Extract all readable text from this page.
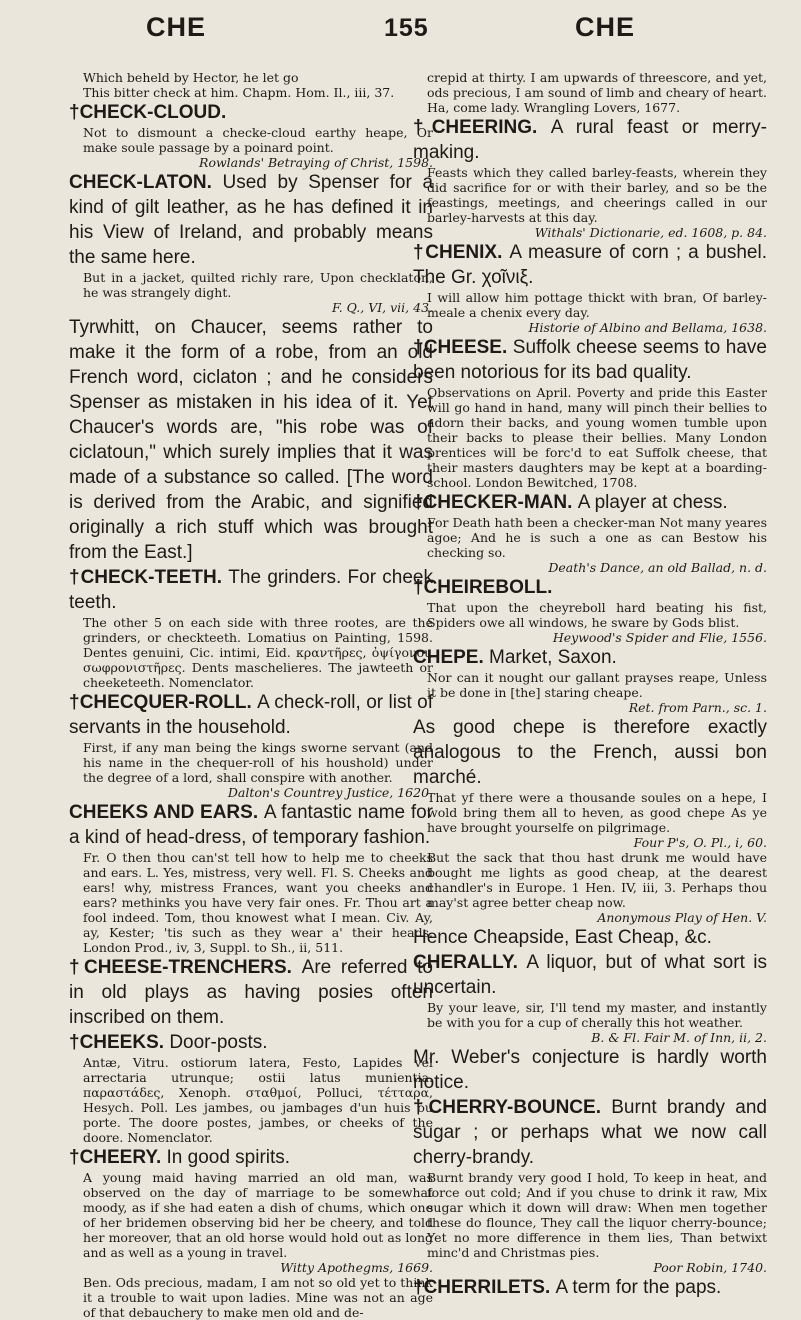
CHE	155	CHE

Which beheld by Hector, he let go

This bitter check at him. Chapm. Hom. Il., iii, 37.

†CHECK-CLOUD.

Not to dismount a checke-cloud earthy heape, Or make soule passage by a poinard point.

Rowlands' Betraying of Christ, 1598.

CHECK-LATON. Used by Spenser for a kind of gilt leather, as he has defined it in his View of Ireland, and probably means the same here.

But in a jacket, quilted richly rare, Upon checklaton, he was strangely dight.

F. Q., VI, vii, 43.

Tyrwhitt, on Chaucer, seems rather to make it the form of a robe, from an old French word, ciclaton ; and he considers Spenser as mistaken in his idea of it. Yet Chaucer's words are, "his robe was of ciclatoun," which surely implies that it was made of a substance so called. [The word is derived from the Arabic, and signified originally a rich stuff which was brought from the East.]

†CHECK-TEETH. The grinders. For cheek teeth.

The other 5 on each side with three rootes, are the grinders, or checkteeth. Lomatius on Painting, 1598. Dentes genuini, Cic. intimi, Eid. κραντῆρες, ὀψίγονοι, σωφρονιστῆρες. Dents maschelieres. The jawteeth or cheeketeeth. Nomenclator.

†CHECQUER-ROLL. A check-roll, or list of servants in the household.

First, if any man being the kings sworne servant (and his name in the chequer-roll of his houshold) under the degree of a lord, shall conspire with another.

Dalton's Countrey Justice, 1620.

CHEEKS AND EARS. A fantastic name for a kind of head-dress, of temporary fashion.

Fr. O then thou can'st tell how to help me to cheeks and ears. L. Yes, mistress, very well. Fl. S. Cheeks and ears! why, mistress Frances, want you cheeks and ears? methinks you have very fair ones. Fr. Thou art a fool indeed. Tom, thou knowest what I mean. Civ. Ay, ay, Kester; 'tis such as they wear a' their heads. London Prod., iv, 3, Suppl. to Sh., ii, 511.

†CHEESE-TRENCHERS. Are referred to in old plays as having posies often inscribed on them.

†CHEEKS. Door-posts.

Antæ, Vitru. ostiorum latera, Festo, Lapides vel arrectaria utrunque; ostii latus munientia. παραστάδες, Xenoph. σταθμοί, Polluci, τέτταρα, Hesych. Poll. Les jambes, ou jambages d'un huis ou porte. The doore postes, jambes, or cheeks of the doore. Nomenclator.

†CHEERY. In good spirits.

A young maid having married an old man, was observed on the day of marriage to be somewhat moody, as if she had eaten a dish of chums, which one of her bridemen observing bid her be cheery, and told her moreover, that an old horse would hold out as long and as well as a young in travel.

Witty Apothegms, 1669.

Ben. Ods precious, madam, I am not so old yet to think it a trouble to wait upon ladies. Mine was not an age of that debauchery to make men old and de-

crepid at thirty. I am upwards of threescore, and yet, ods precious, I am sound of limb and cheary of heart. Ha, come lady. Wrangling Lovers, 1677.

†CHEERING. A rural feast or merry-making.

Feasts which they called barley-feasts, wherein they did sacrifice for or with their barley, and so be the feastings, meetings, and cheerings called in our barley-harvests at this day.

Withals' Dictionarie, ed. 1608, p. 84.

†CHENIX. A measure of corn ; a bushel. The Gr. χοῖνιξ.

I will allow him pottage thickt with bran, Of barley-meale a chenix every day.

Historie of Albino and Bellama, 1638.

†CHEESE. Suffolk cheese seems to have been notorious for its bad quality.

Observations on April. Poverty and pride this Easter will go hand in hand, many will pinch their bellies to adorn their backs, and young women tumble upon their backs to please their bellies. Many London prentices will be forc'd to eat Suffolk cheese, that their masters daughters may be kept at a boarding-school. London Bewitched, 1708.

†CHECKER-MAN. A player at chess.

For Death hath been a checker-man Not many yeares agoe; And he is such a one as can Bestow his checking so.

Death's Dance, an old Ballad, n. d.

†CHEIREBOLL.

That upon the cheyreboll hard beating his fist, Spiders owe all windows, he sware by Gods blist.

Heywood's Spider and Flie, 1556.

CHEPE. Market, Saxon.

Nor can it nought our gallant prayses reape, Unless it be done in [the] staring cheape.

Ret. from Parn., sc. 1.

As good chepe is therefore exactly analogous to the French, aussi bon marché.

That yf there were a thousande soules on a hepe, I wold bring them all to heven, as good chepe As ye have brought yourselfe on pilgrimage.

Four P's, O. Pl., i, 60.

But the sack that thou hast drunk me would have bought me lights as good cheap, at the dearest chandler's in Europe. 1 Hen. IV, iii, 3. Perhaps thou may'st agree better cheap now.

Anonymous Play of Hen. V.

Hence Cheapside, East Cheap, &c.

CHERALLY. A liquor, but of what sort is uncertain.

By your leave, sir, I'll tend my master, and instantly be with you for a cup of cherally this hot weather.

B. & Fl. Fair M. of Inn, ii, 2.

Mr. Weber's conjecture is hardly worth notice.

†CHERRY-BOUNCE. Burnt brandy and sugar ; or perhaps what we now call cherry-brandy.

Burnt brandy very good I hold, To keep in heat, and force out cold; And if you chuse to drink it raw, Mix sugar which it down will draw: When men together these do flounce, They call the liquor cherry-bounce; Yet no more difference in them lies, Than betwixt minc'd and Christmas pies.

Poor Robin, 1740.

†CHERRILETS. A term for the paps.
